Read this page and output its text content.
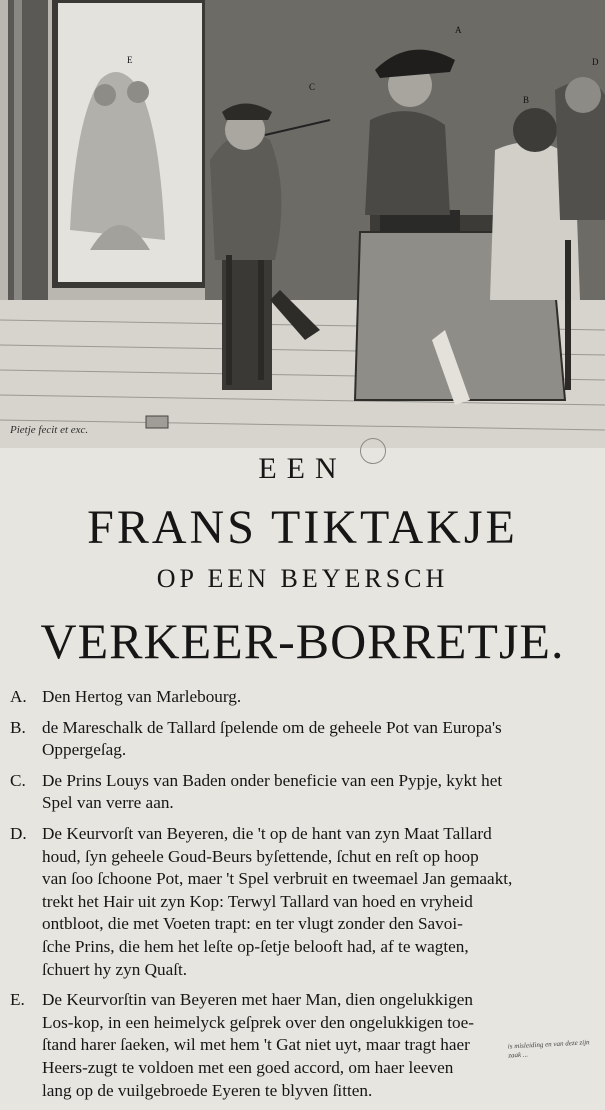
A
B
C
D
E
Pietje fecit et exc.
EEN
FRANS TIKTAKJE
OP EEN BEYERSCH
VERKEER-BORRETJE.
A. Den Hertog van Marlebourg.
B. de Mareschalk de Tallard ſpelende om de geheele Pot van Europa's
Oppergeſag.
C. De Prins Louys van Baden onder beneficie van een Pypje, kykt het
Spel van verre aan.
D. De Keurvorſt van Beyeren, die 't op de hant van zyn Maat Tallard
houd, ſyn geheele Goud-Beurs byſettende, ſchut en reſt op hoop
van ſoo ſchoone Pot, maer 't Spel verbruit en tweemael Jan gemaakt,
trekt het Hair uit zyn Kop: Terwyl Tallard van hoed en vryheid
ontbloot, die met Voeten trapt: en ter vlugt zonder den Savoi-
ſche Prins, die hem het leſte op-ſetje belooft had, af te wagten,
ſchuert hy zyn Quaſt.
E.	De Keurvorſtin van Beyeren met haer Man, dien ongelukkigen
Los-kop, in een heimelyck geſprek over den ongelukkigen toe-
ſtand harer ſaeken, wil met hem 't Gat niet uyt, maar tragt haer
Heers-zugt te voldoen met een goed accord, om haer leeven
lang op de vuilgebroede Eyeren te blyven ſitten.
is misleiding en van deze zijn zaak ...
